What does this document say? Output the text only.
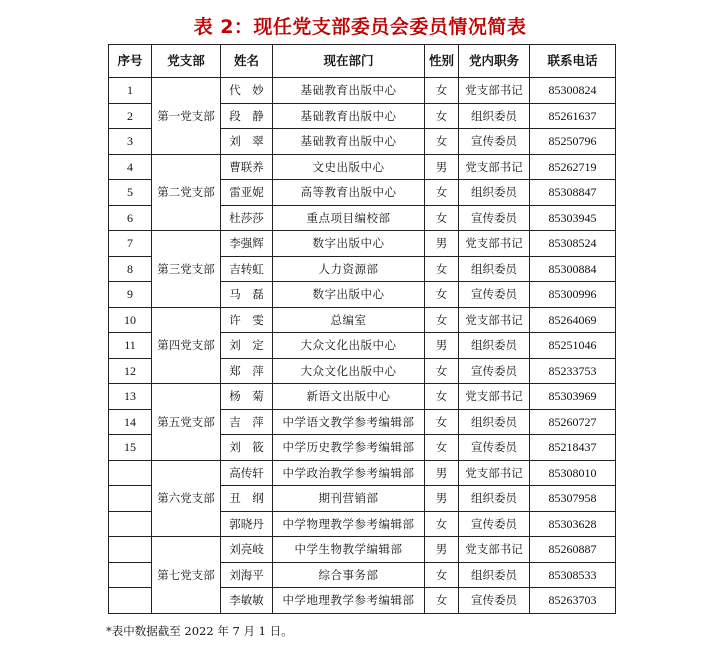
表 2：现任党支部委员会委员情况简表
序号	党支部	姓名	现在部门	性别	党内职务	联系电话
1	第一党支部	代　妙	基础教育出版中心	女	党支部书记	85300824
2		段　静	基础教育出版中心	女	组织委员	85261637
3		刘　翠	基础教育出版中心	女	宣传委员	85250796
4	第二党支部	曹联养	文史出版中心	男	党支部书记	85262719
5		雷亚妮	高等教育出版中心	女	组织委员	85308847
6		杜莎莎	重点项目编校部	女	宣传委员	85303945
7	第三党支部	李强辉	数字出版中心	男	党支部书记	85308524
8		吉转虹	人力资源部	女	组织委员	85300884
9		马　磊	数字出版中心	女	宣传委员	85300996
10	第四党支部	许　雯	总编室	女	党支部书记	85264069
11		刘　定	大众文化出版中心	男	组织委员	85251046
12		郑　萍	大众文化出版中心	女	宣传委员	85233753
13	第五党支部	杨　菊	新语文出版中心	女	党支部书记	85303969
14		吉　萍	中学语文教学参考编辑部	女	组织委员	85260727
15		刘　筱	中学历史教学参考编辑部	女	宣传委员	85218437
	第六党支部	高传轩	中学政治教学参考编辑部	男	党支部书记	85308010
		丑　纲	期刊营销部	男	组织委员	85307958
		郭晓丹	中学物理教学参考编辑部	女	宣传委员	85303628
	第七党支部	刘亮岐	中学生物教学编辑部	男	党支部书记	85260887
		刘海平	综合事务部	女	组织委员	85308533
		李敏敏	中学地理教学参考编辑部	女	宣传委员	85263703
*表中数据截至 2022 年 7 月 1 日。
